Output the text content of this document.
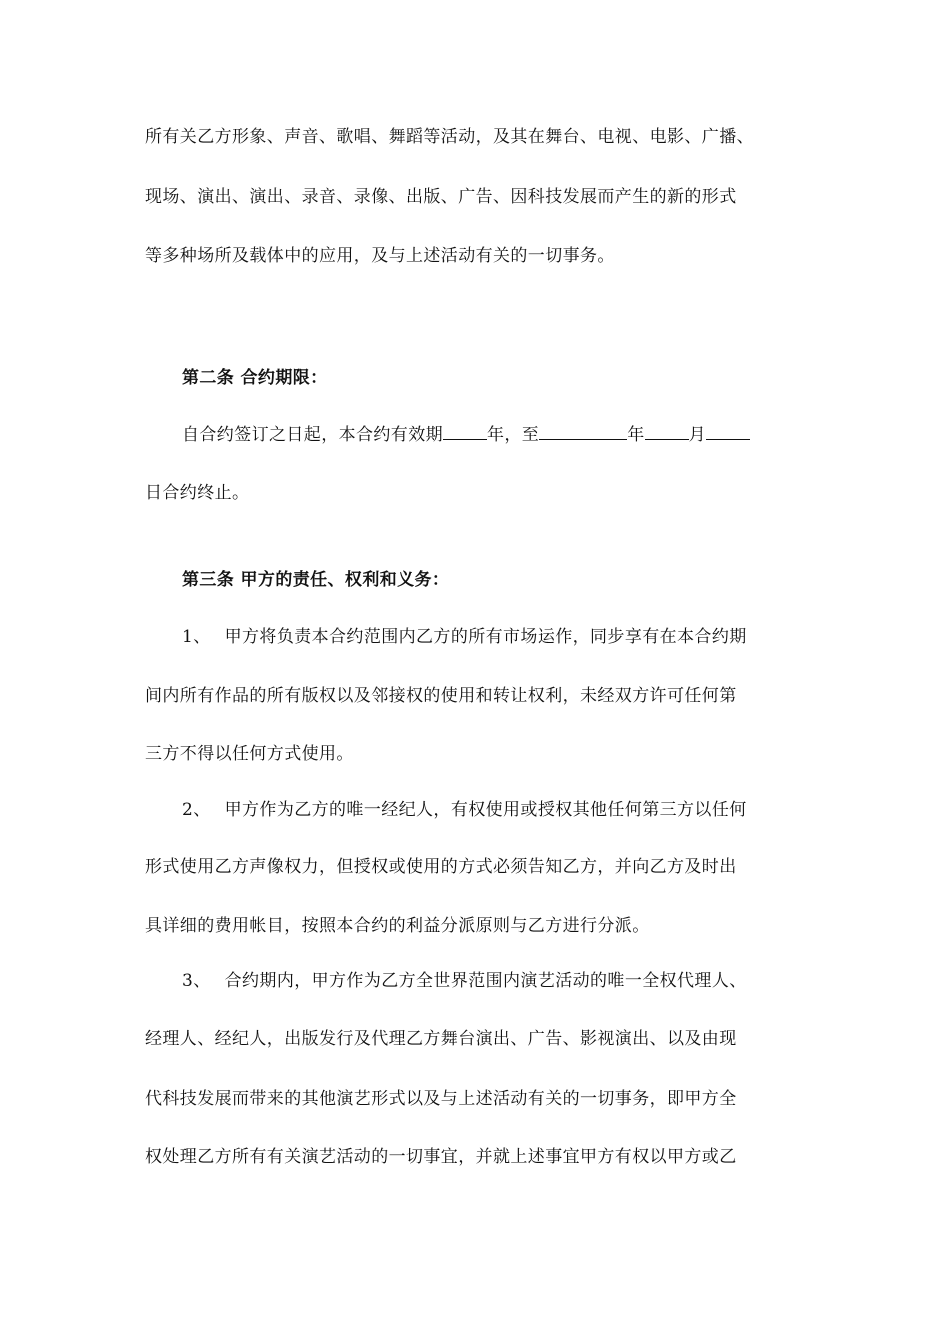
所有关乙方形象、声音、歌唱、舞蹈等活动，及其在舞台、电视、电影、广播、
现场、演出、演出、录音、录像、出版、广告、因科技发展而产生的新的形式
等多种场所及载体中的应用，及与上述活动有关的一切事务。
第二条 合约期限：
自合约签订之日起，本合约有效期	年，至	年	月
日合约终止。
第三条 甲方的责任、权利和义务：
1、 甲方将负责本合约范围内乙方的所有市场运作，同步享有在本合约期
间内所有作品的所有版权以及邻接权的使用和转让权利，未经双方许可任何第
三方不得以任何方式使用。
2、 甲方作为乙方的唯一经纪人，有权使用或授权其他任何第三方以任何
形式使用乙方声像权力，但授权或使用的方式必须告知乙方，并向乙方及时出
具详细的费用帐目，按照本合约的利益分派原则与乙方进行分派。
3、 合约期内，甲方作为乙方全世界范围内演艺活动的唯一全权代理人、
经理人、经纪人，出版发行及代理乙方舞台演出、广告、影视演出、以及由现
代科技发展而带来的其他演艺形式以及与上述活动有关的一切事务，即甲方全
权处理乙方所有有关演艺活动的一切事宜，并就上述事宜甲方有权以甲方或乙
